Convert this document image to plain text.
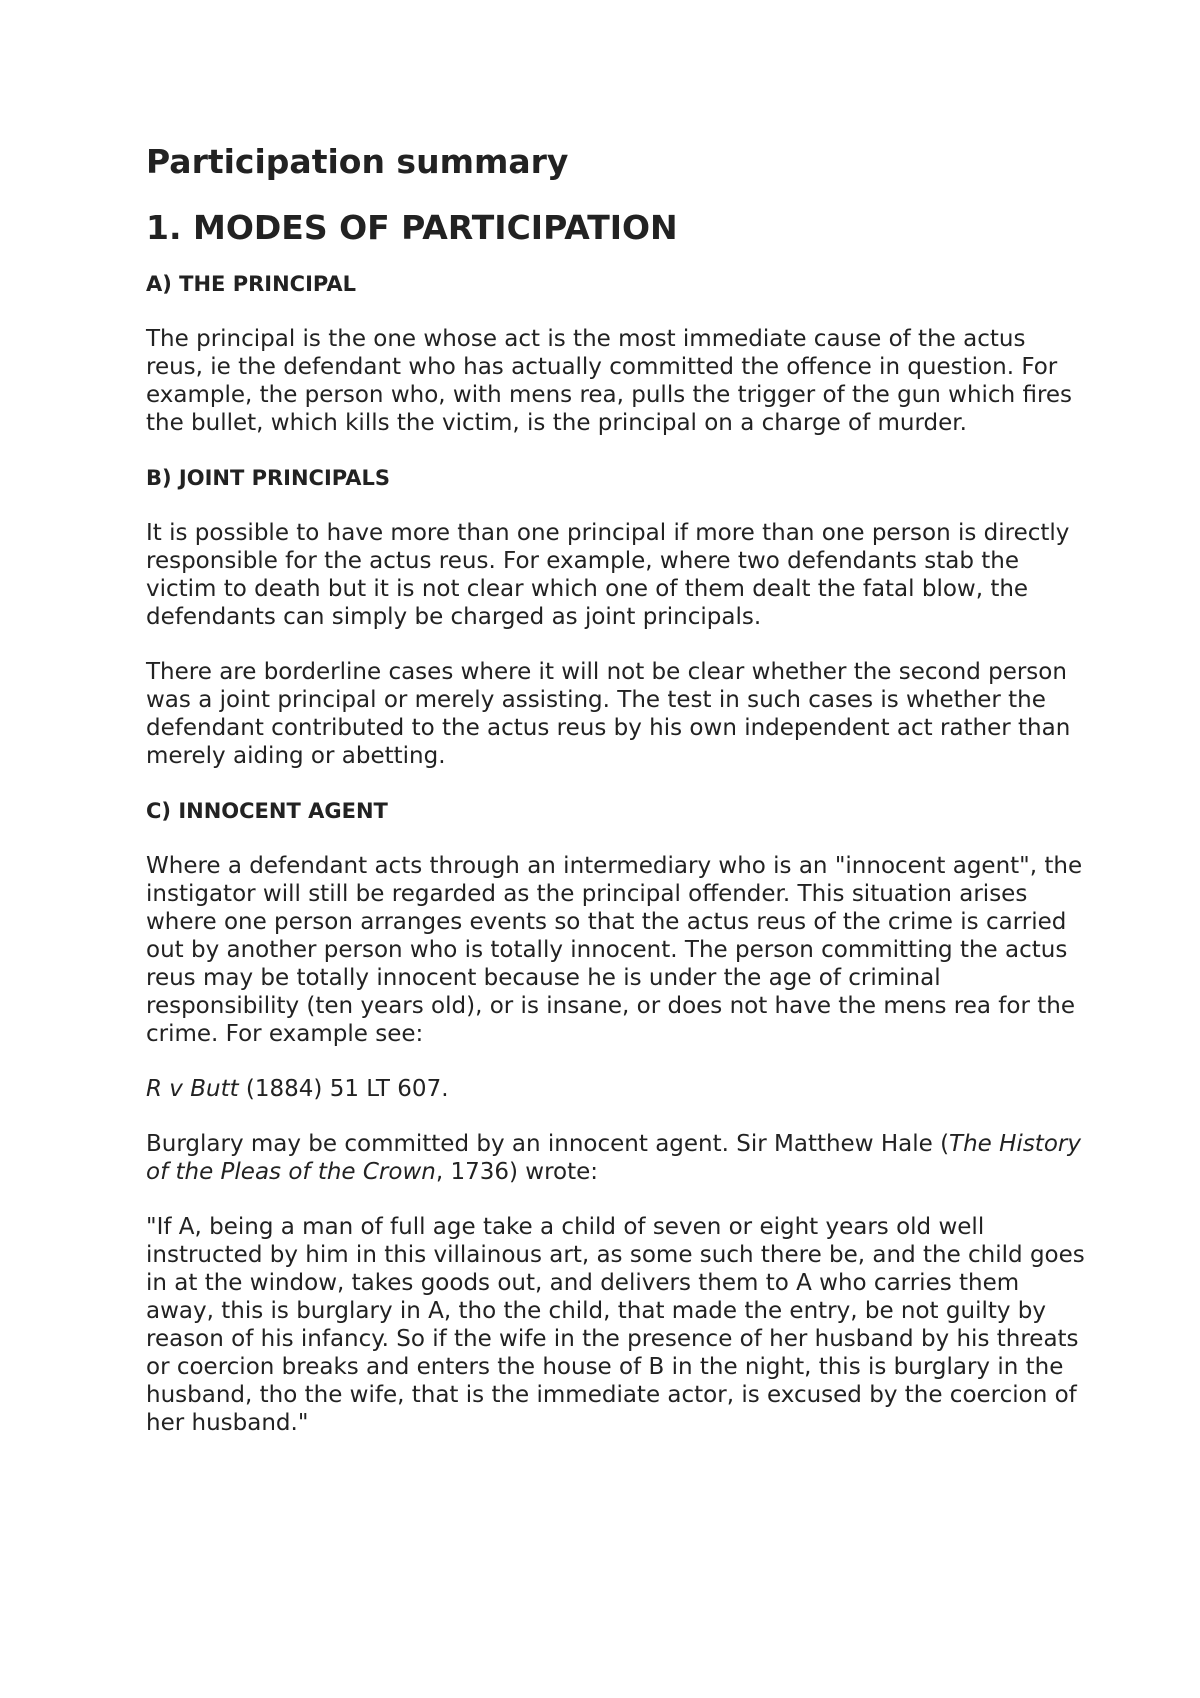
Participation summary
1. MODES OF PARTICIPATION
A) THE PRINCIPAL

The principal is the one whose act is the most immediate cause of the actus reus, ie the defendant who has actually committed the offence in question. For example, the person who, with mens rea, pulls the trigger of the gun which fires the bullet, which kills the victim, is the principal on a charge of murder.

B) JOINT PRINCIPALS

It is possible to have more than one principal if more than one person is directly responsible for the actus reus. For example, where two defendants stab the victim to death but it is not clear which one of them dealt the fatal blow, the defendants can simply be charged as joint principals.

There are borderline cases where it will not be clear whether the second person was a joint principal or merely assisting. The test in such cases is whether the defendant contributed to the actus reus by his own independent act rather than merely aiding or abetting.

C) INNOCENT AGENT

Where a defendant acts through an intermediary who is an "innocent agent", the instigator will still be regarded as the principal offender. This situation arises where one person arranges events so that the actus reus of the crime is carried out by another person who is totally innocent. The person committing the actus reus may be totally innocent because he is under the age of criminal responsibility (ten years old), or is insane, or does not have the mens rea for the crime. For example see:

R v Butt (1884) 51 LT 607.

Burglary may be committed by an innocent agent. Sir Matthew Hale (The History of the Pleas of the Crown, 1736) wrote:

"If A, being a man of full age take a child of seven or eight years old well instructed by him in this villainous art, as some such there be, and the child goes in at the window, takes goods out, and delivers them to A who carries them away, this is burglary in A, tho the child, that made the entry, be not guilty by reason of his infancy. So if the wife in the presence of her husband by his threats or coercion breaks and enters the house of B in the night, this is burglary in the husband, tho the wife, that is the immediate actor, is excused by the coercion of her husband."
